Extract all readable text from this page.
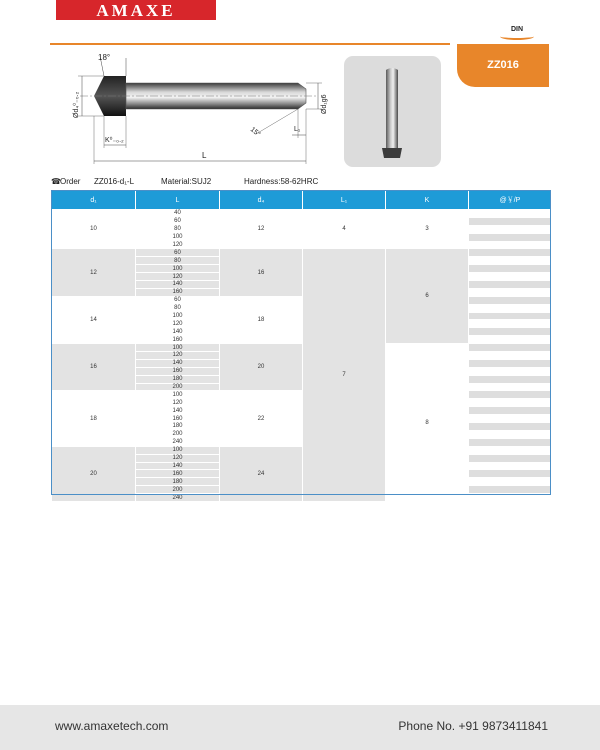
AMAXE
DIN
ZZ016
18°
Ød₄⁰₋₀.₂	Ød₁g6
K⁰₋₀.₂
L
L₁
15°
☎ Order ZZ016-d₁-L	Material:SUJ2	Hardness:58-62HRC
d₁	L	d₄	L₁	K	@￥/P
10	40	12	4	3	
	60				
	80				
	100				
	120				
12	60	16	7	6	
	80				
	100				
	120				
	140				
	160				
14	60	18			
	80				
	100				
	120				
	140				
	160				
16	100	20		8	
	120				
	140				
	160				
	180				
	200				
18	100	22			
	120				
	140				
	160				
	180				
	200				
	240				
20	100	24			
	120				
	140				
	160				
	180				
	200				
	240				
www.amaxetech.com	Phone No. +91 9873411841
